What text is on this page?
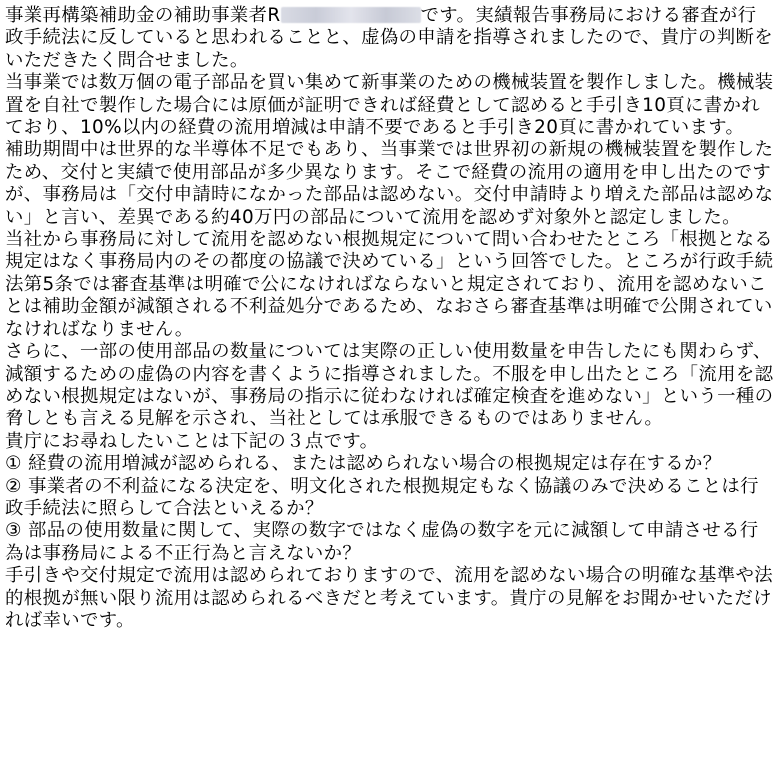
事業再構築補助金の補助事業者R	です。実績報告事務局における審査が行政手続法に反していると思われることと、虚偽の申請を指導されましたので、貴庁の判断をいただきたく問合せました。

当事業では数万個の電子部品を買い集めて新事業のための機械装置を製作しました。機械装置を自社で製作した場合には原価が証明できれば経費として認めると手引き10頁に書かれており、10%以内の経費の流用増減は申請不要であると手引き20頁に書かれています。

補助期間中は世界的な半導体不足でもあり、当事業では世界初の新規の機械装置を製作したため、交付と実績で使用部品が多少異なります。そこで経費の流用の適用を申し出たのですが、事務局は「交付申請時になかった部品は認めない。交付申請時より増えた部品は認めない」と言い、差異である約40万円の部品について流用を認めず対象外と認定しました。

当社から事務局に対して流用を認めない根拠規定について問い合わせたところ「根拠となる規定はなく事務局内のその都度の協議で決めている」という回答でした。ところが行政手続法第5条では審査基準は明確で公になければならないと規定されており、流用を認めないことは補助金額が減額される不利益処分であるため、なおさら審査基準は明確で公開されていなければなりません。

さらに、一部の使用部品の数量については実際の正しい使用数量を申告したにも関わらず、減額するための虚偽の内容を書くように指導されました。不服を申し出たところ「流用を認めない根拠規定はないが、事務局の指示に従わなければ確定検査を進めない」という一種の脅しとも言える見解を示され、当社としては承服できるものではありません。

貴庁にお尋ねしたいことは下記の３点です。

① 経費の流用増減が認められる、または認められない場合の根拠規定は存在するか？

② 事業者の不利益になる決定を、明文化された根拠規定もなく協議のみで決めることは行政手続法に照らして合法といえるか？

③ 部品の使用数量に関して、実際の数字ではなく虚偽の数字を元に減額して申請させる行為は事務局による不正行為と言えないか？

手引きや交付規定で流用は認められておりますので、流用を認めない場合の明確な基準や法的根拠が無い限り流用は認められるべきだと考えています。貴庁の見解をお聞かせいただければ幸いです。
